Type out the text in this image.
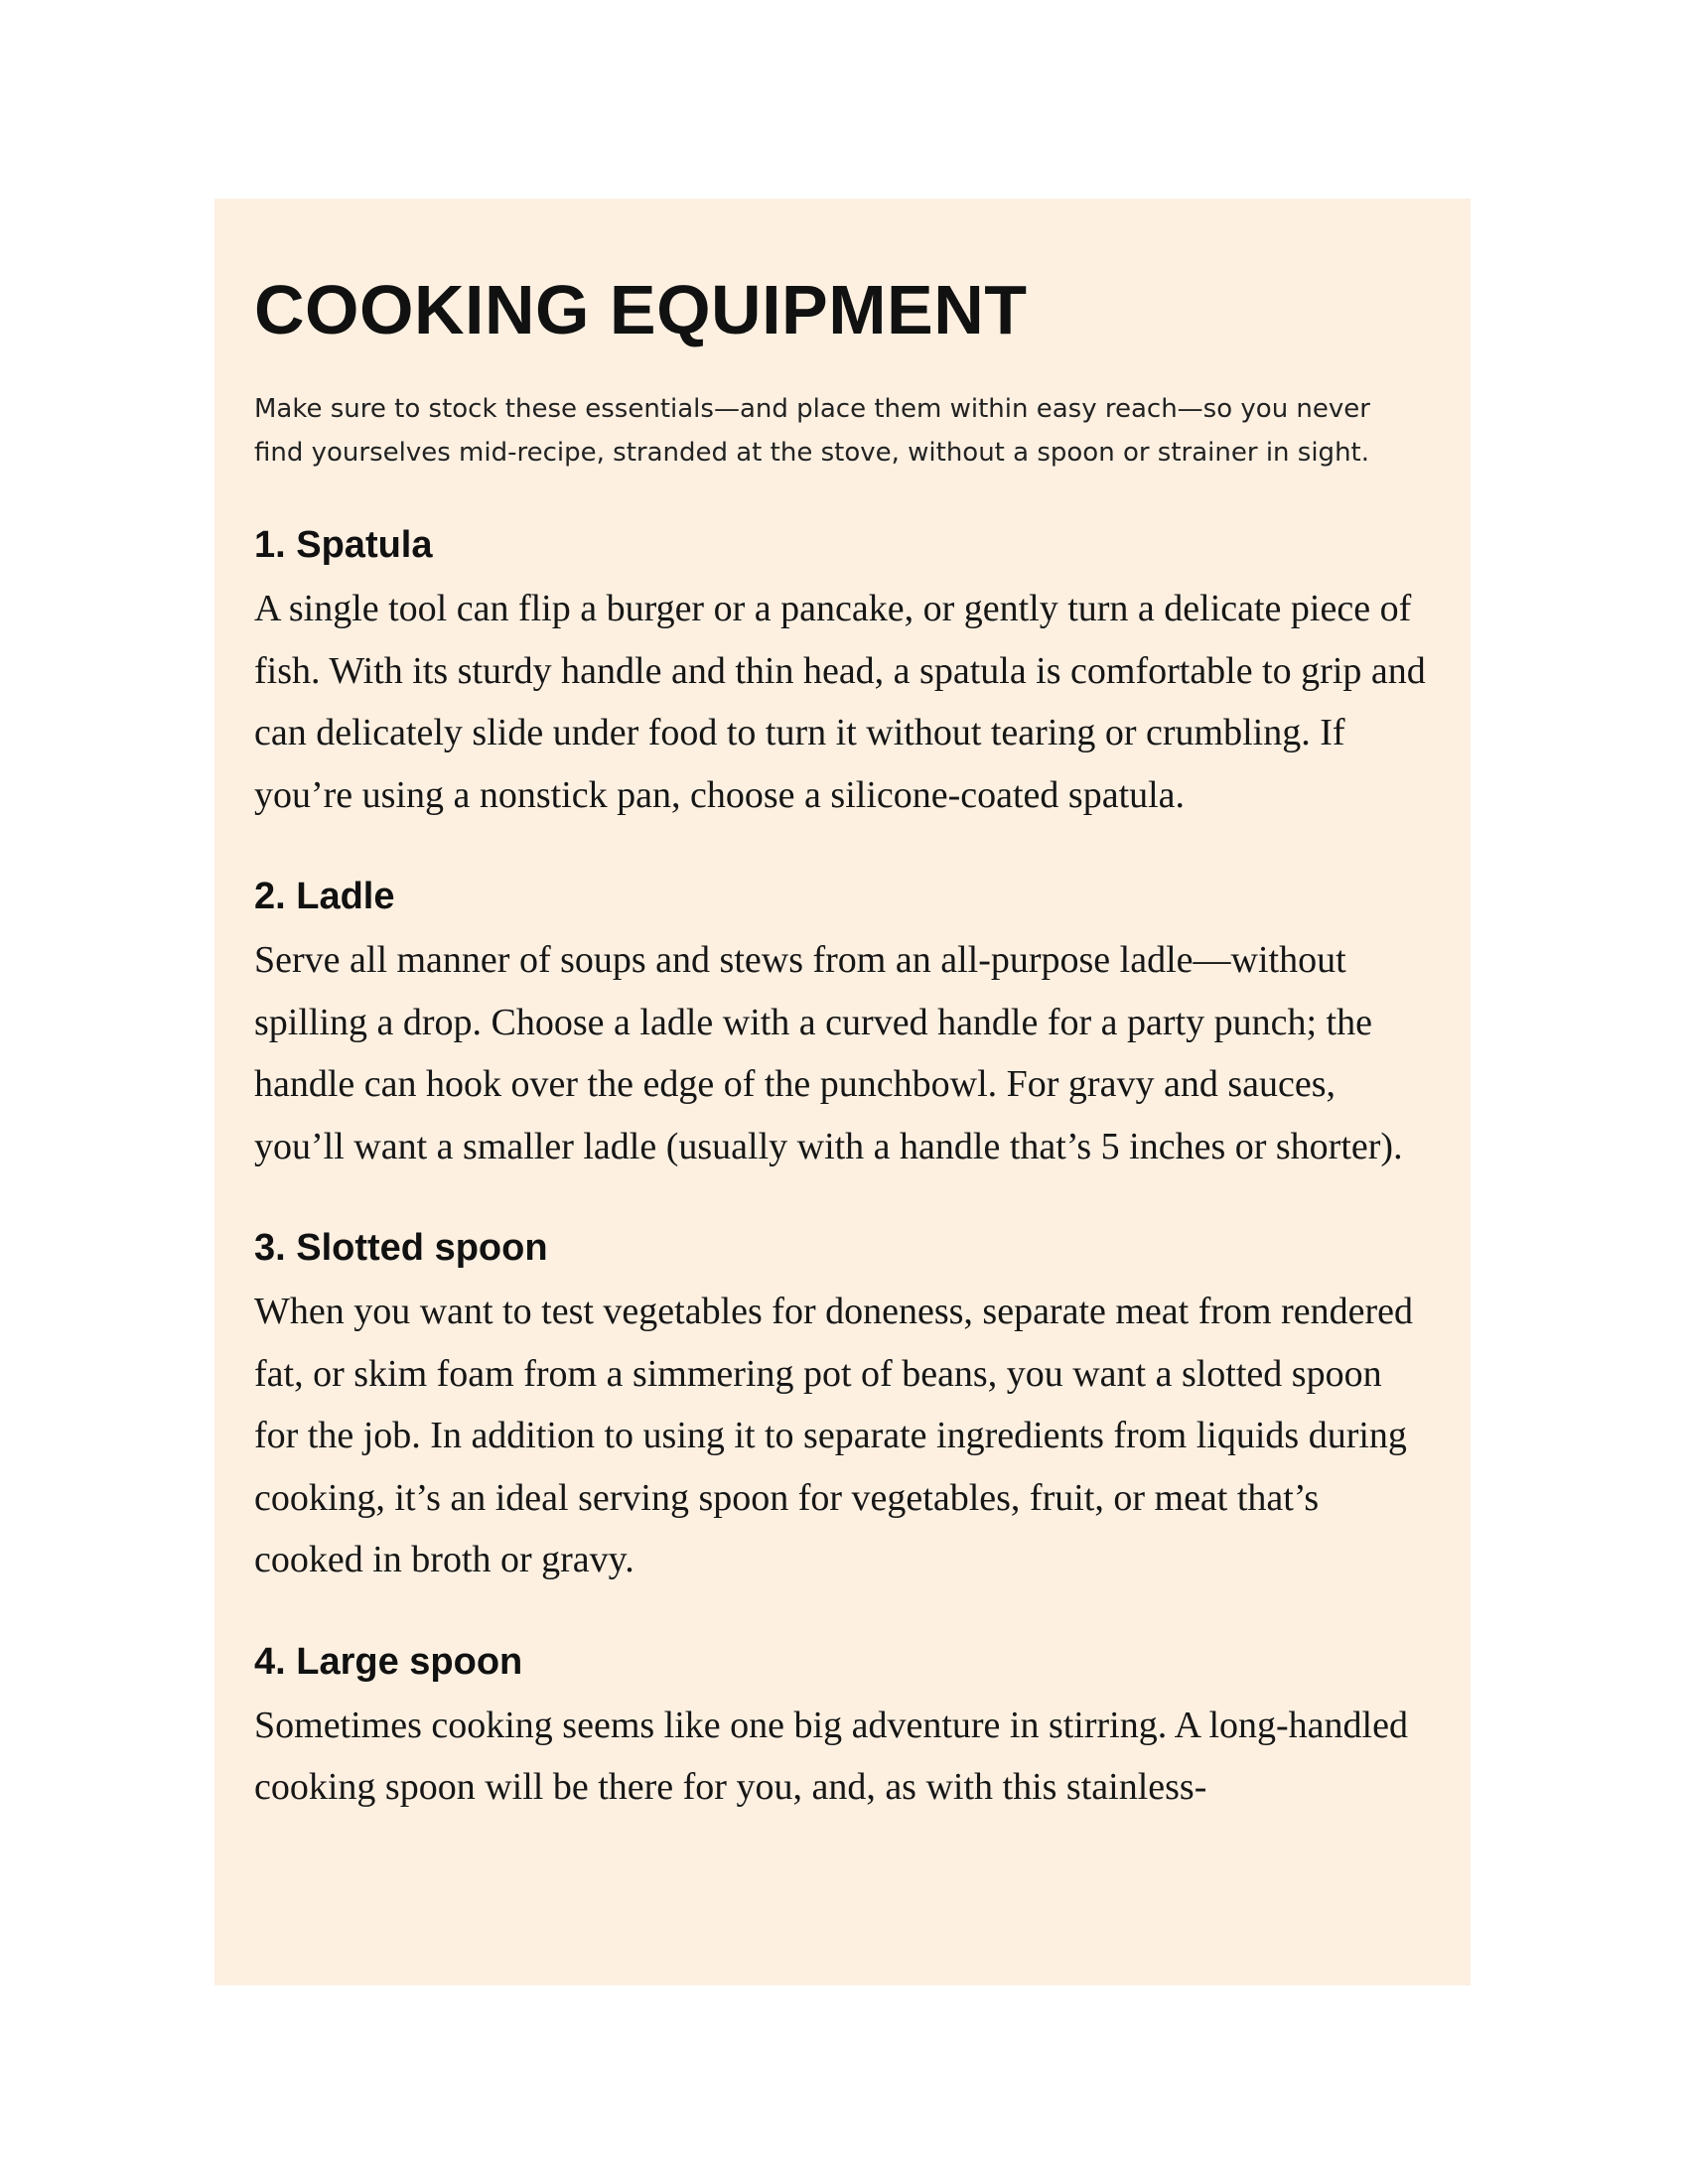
COOKING EQUIPMENT

Make sure to stock these essentials—and place them within easy reach—so you never find yourselves mid-recipe, stranded at the stove, without a spoon or strainer in sight.

1. Spatula

A single tool can flip a burger or a pancake, or gently turn a delicate piece of fish. With its sturdy handle and thin head, a spatula is comfortable to grip and can delicately slide under food to turn it without tearing or crumbling. If you’re using a nonstick pan, choose a silicone-coated spatula.

2. Ladle

Serve all manner of soups and stews from an all-purpose ladle—without spilling a drop. Choose a ladle with a curved handle for a party punch; the handle can hook over the edge of the punchbowl. For gravy and sauces, you’ll want a smaller ladle (usually with a handle that’s 5 inches or shorter).

3. Slotted spoon

When you want to test vegetables for doneness, separate meat from rendered fat, or skim foam from a simmering pot of beans, you want a slotted spoon for the job. In addition to using it to separate ingredients from liquids during cooking, it’s an ideal serving spoon for vegetables, fruit, or meat that’s cooked in broth or gravy.

4. Large spoon

Sometimes cooking seems like one big adventure in stirring. A long-handled cooking spoon will be there for you, and, as with this stainless-
